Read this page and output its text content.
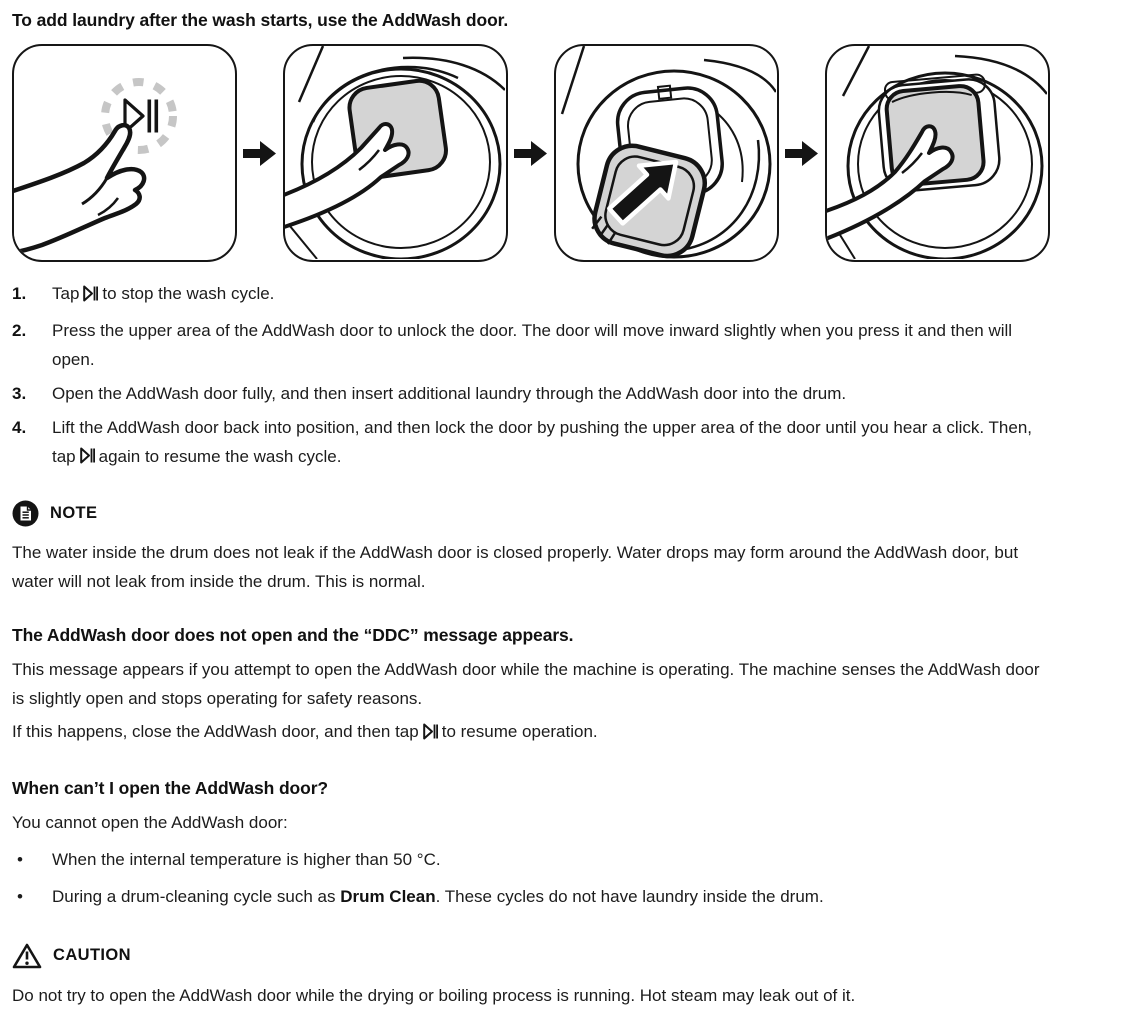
To add laundry after the wash starts, use the AddWash door.
1.	Tap to stop the wash cycle.
2.	Press the upper area of the AddWash door to unlock the door. The door will move inward slightly when you press it and then will open.
3.	Open the AddWash door fully, and then insert additional laundry through the AddWash door into the drum.
4.	Lift the AddWash door back into position, and then lock the door by pushing the upper area of the door until you hear a click. Then, tap again to resume the wash cycle.
NOTE
The water inside the drum does not leak if the AddWash door is closed properly. Water drops may form around the AddWash door, but water will not leak from inside the drum. This is normal.
The AddWash door does not open and the “DDC” message appears.
This message appears if you attempt to open the AddWash door while the machine is operating. The machine senses the AddWash door is slightly open and stops operating for safety reasons.
If this happens, close the AddWash door, and then tap to resume operation.
When can’t I open the AddWash door?
You cannot open the AddWash door:
•	When the internal temperature is higher than 50 °C.
•	During a drum-cleaning cycle such as Drum Clean. These cycles do not have laundry inside the drum.
CAUTION
Do not try to open the AddWash door while the drying or boiling process is running. Hot steam may leak out of it.
